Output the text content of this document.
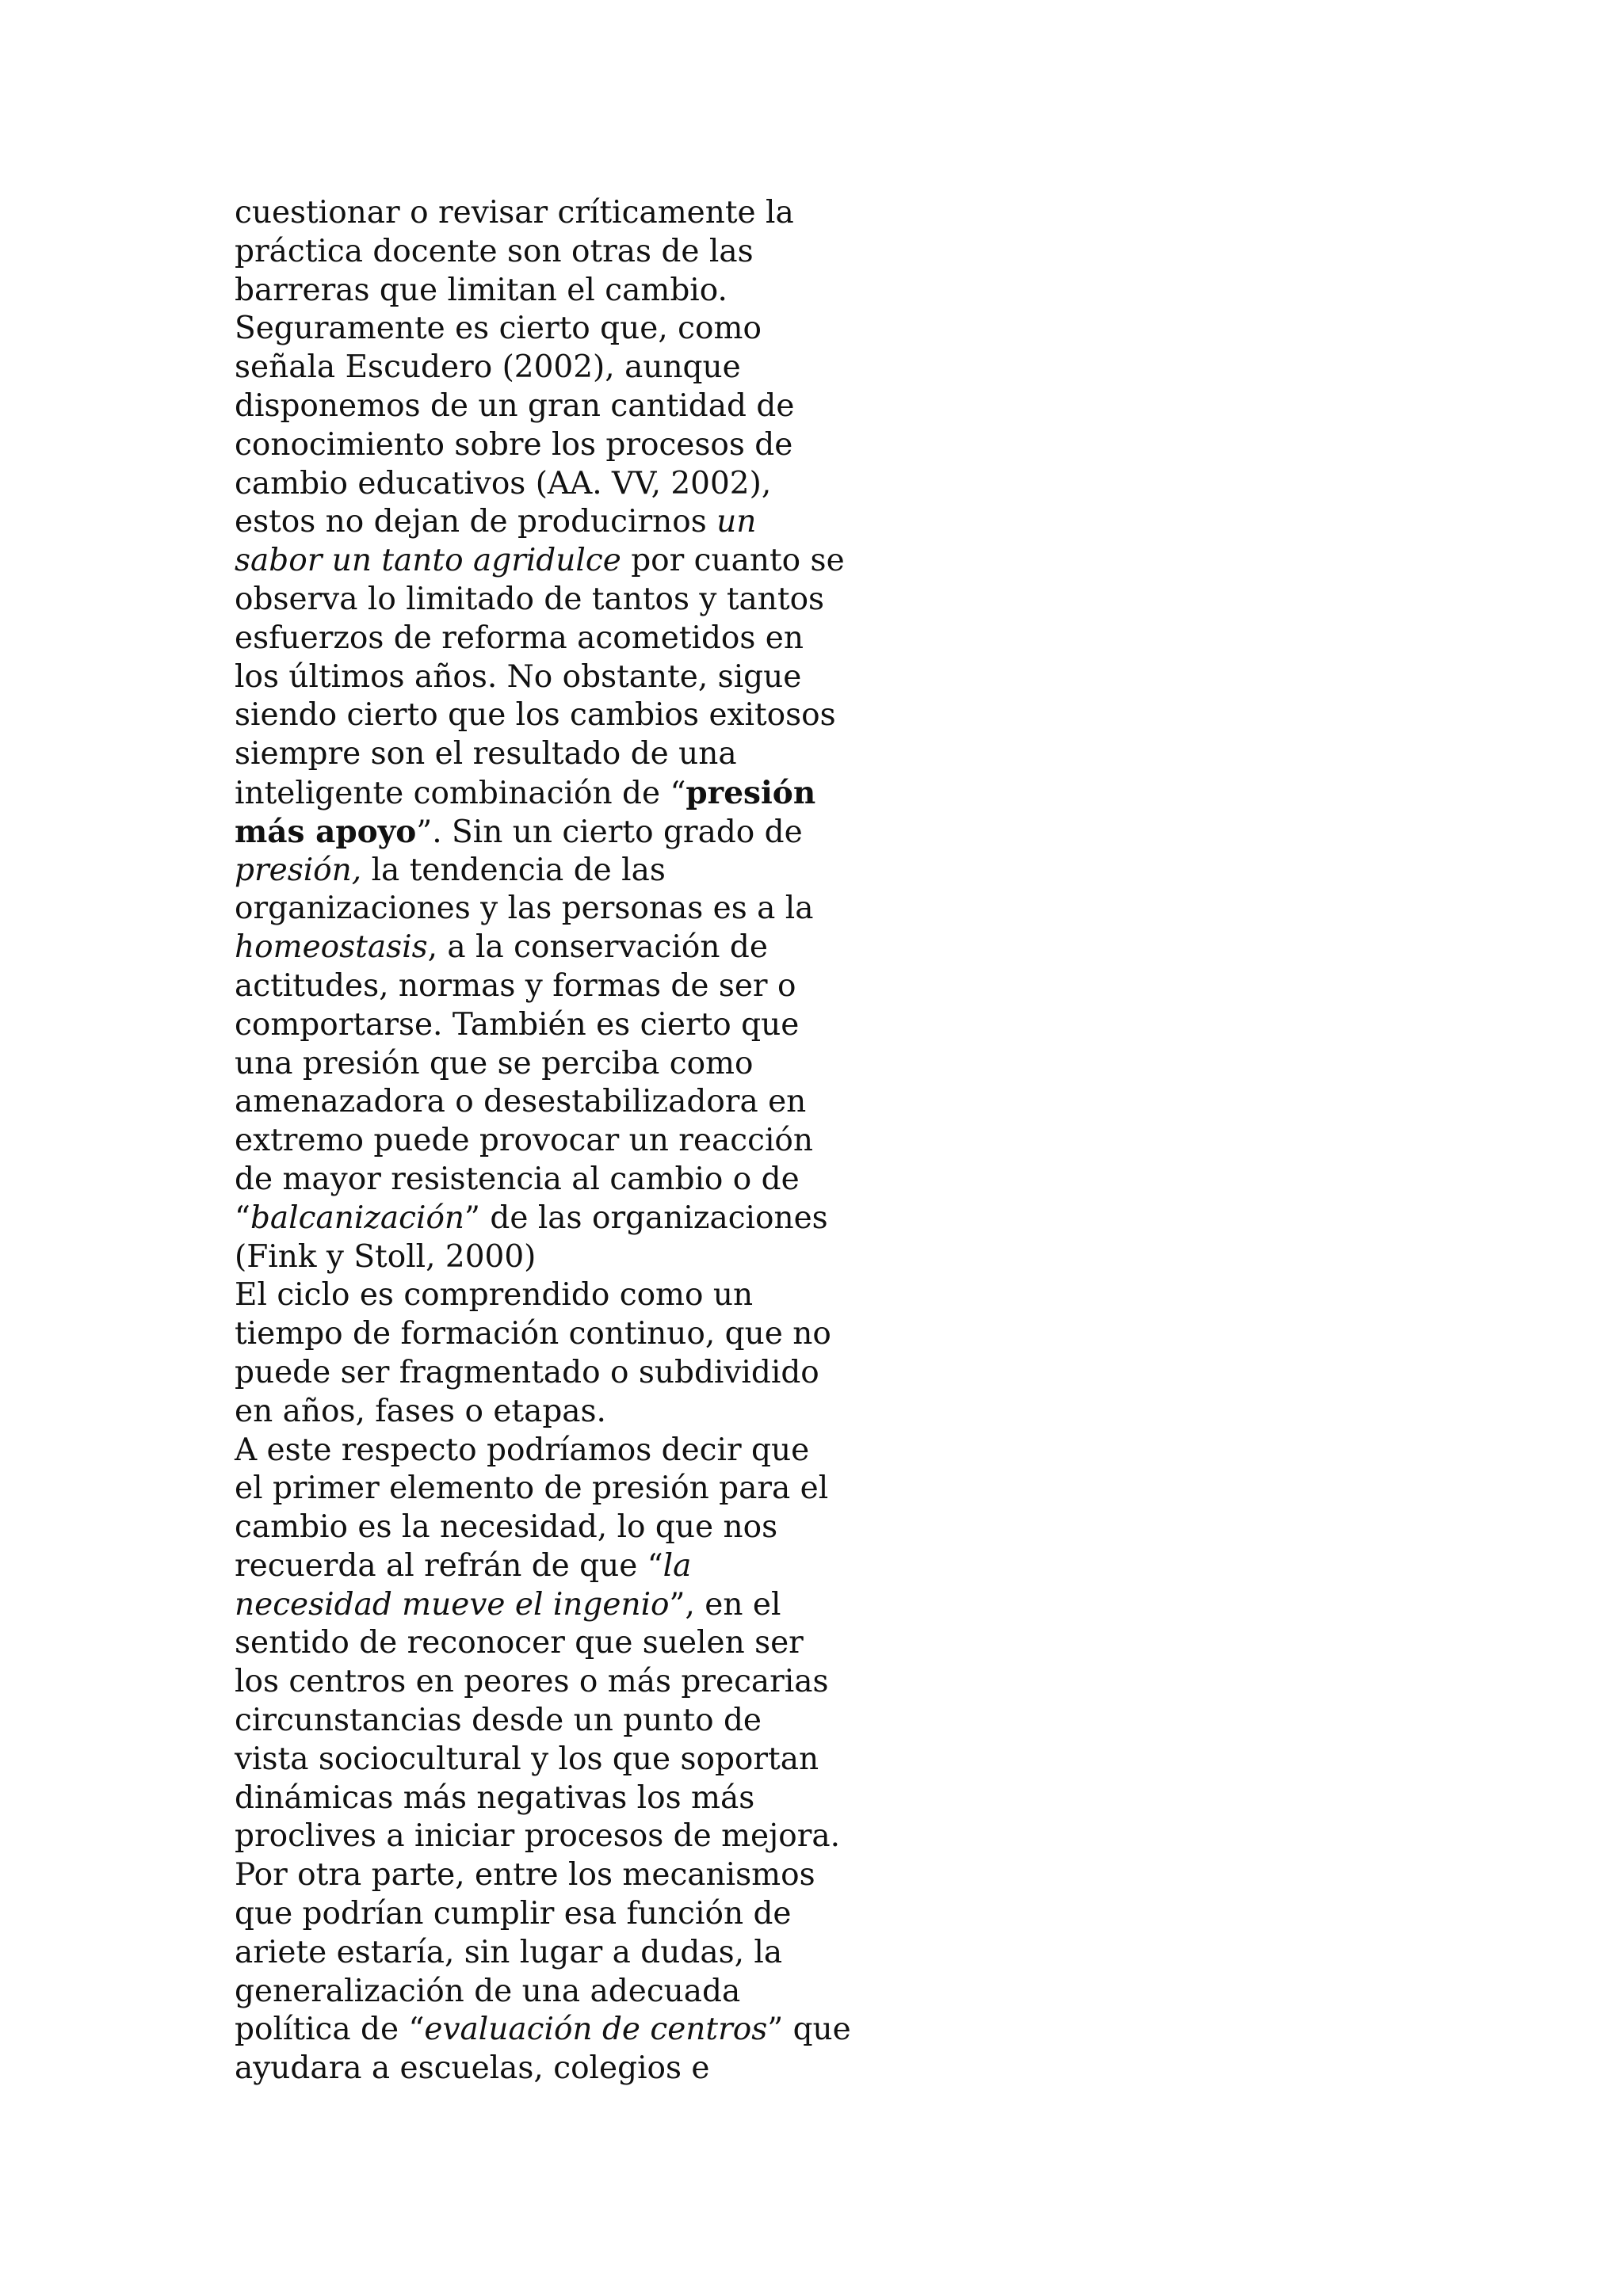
cuestionar o revisar críticamente la
práctica docente son otras de las
barreras que limitan el cambio.
Seguramente es cierto que, como
señala Escudero (2002), aunque
disponemos de un gran cantidad de
conocimiento sobre los procesos de
cambio educativos (AA. VV, 2002),
estos no dejan de producirnos un
sabor un tanto agridulce por cuanto se
observa lo limitado de tantos y tantos
esfuerzos de reforma acometidos en
los últimos años. No obstante, sigue
siendo cierto que los cambios exitosos
siempre son el resultado de una
inteligente combinación de “presión
más apoyo”. Sin un cierto grado de
presión, la tendencia de las
organizaciones y las personas es a la
homeostasis, a la conservación de
actitudes, normas y formas de ser o
comportarse. También es cierto que
una presión que se perciba como
amenazadora o desestabilizadora en
extremo puede provocar un reacción
de mayor resistencia al cambio o de
“balcanización” de las organizaciones
(Fink y Stoll, 2000)
El ciclo es comprendido como un
tiempo de formación continuo, que no
puede ser fragmentado o subdividido
en años, fases o etapas.
A este respecto podríamos decir que
el primer elemento de presión para el
cambio es la necesidad, lo que nos
recuerda al refrán de que “la
necesidad mueve el ingenio”, en el
sentido de reconocer que suelen ser
los centros en peores o más precarias
circunstancias desde un punto de
vista sociocultural y los que soportan
dinámicas más negativas los más
proclives a iniciar procesos de mejora.
Por otra parte, entre los mecanismos
que podrían cumplir esa función de
ariete estaría, sin lugar a dudas, la
generalización de una adecuada
política de “evaluación de centros” que
ayudara a escuelas, colegios e
